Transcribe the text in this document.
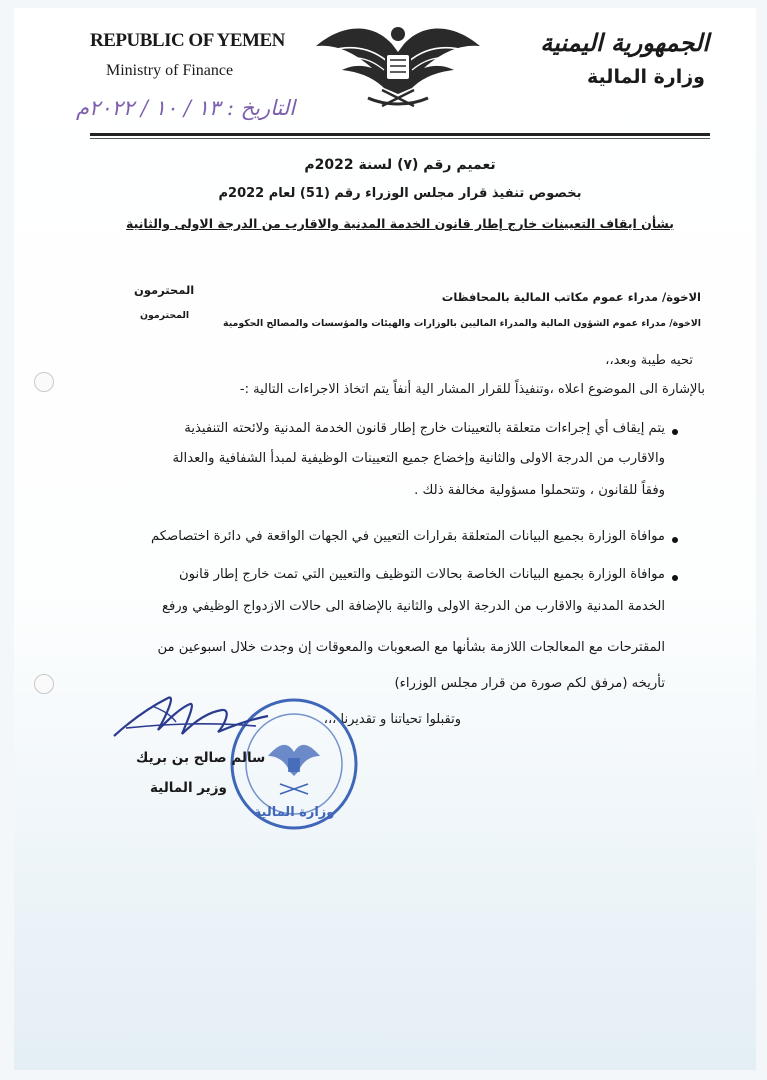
REPUBLIC OF YEMEN
Ministry of Finance
الجمهورية اليمنية
وزارة المالية
التاريخ : ١٣ / ١٠ / ٢٠٢٢م
تعميم رقم (٧) لسنة 2022م
بخصوص تنفيذ قرار مجلس الوزراء رقم (51) لعام 2022م
بشأن ايقاف التعيينات خارج إطار قانون الخدمة المدنية والاقارب من الدرجة الاولى والثانية
الاخوة/ مدراء عموم مكاتب المالية بالمحافظات
المحترمون
الاخوة/ مدراء عموم الشؤون المالية والمدراء الماليين بالوزارات والهيئات والمؤسسات والمصالح الحكومية
المحترمون
تحيه طيبة وبعد،،
بالإشارة الى الموضوع اعلاه ،وتنفيذاً للقرار المشار الية أنفاً يتم اتخاذ الاجراءات التالية :-
يتم إيقاف أي إجراءات متعلقة بالتعيينات خارج إطار قانون الخدمة المدنية ولائحته التنفيذية
والاقارب من الدرجة الاولى والثانية وإخضاع جميع التعيينات الوظيفية لمبدأ الشفافية والعدالة
وفقاً للقانون ، وتتحملوا مسؤولية مخالفة ذلك .
موافاة الوزارة بجميع البيانات المتعلقة بقرارات التعيين في الجهات الواقعة في دائرة اختصاصكم
موافاة الوزارة بجميع البيانات الخاصة بحالات التوظيف والتعيين التي تمت خارج إطار قانون
الخدمة المدنية والاقارب من الدرجة الاولى والثانية بالإضافة الى حالات الازدواج الوظيفي ورفع
المقترحات مع المعالجات اللازمة بشأنها مع الصعوبات والمعوقات إن وجدت خلال اسبوعين من
تأريخه (مرفق لكم صورة من قرار مجلس الوزراء)
وتقبلوا تحياتنا و تقديرنا ،،،
وزارة المالية
سالم صالح بن بريك
وزير المالية
